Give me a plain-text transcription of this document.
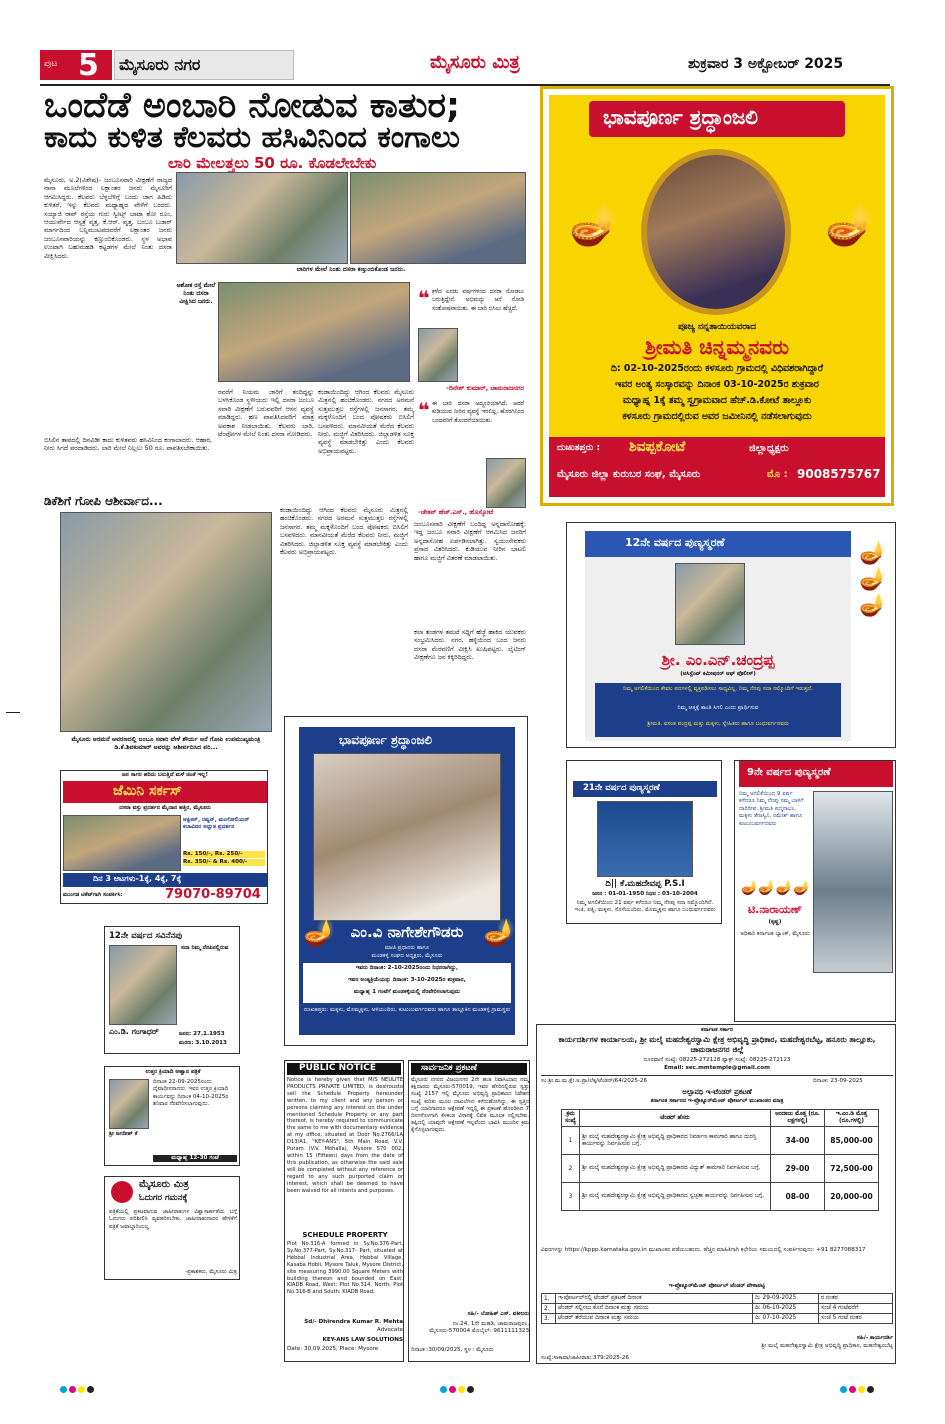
ಪುಟ 5 ಮೈಸೂರು ನಗರ	ಮೈಸೂರು ಮಿತ್ರ	ಶುಕ್ರವಾರ 3 ಅಕ್ಟೋಬರ್ 2025
ಒಂದೆಡೆ ಅಂಬಾರಿ ನೋಡುವ ಕಾತುರ;
ಕಾದು ಕುಳಿತ ಕೆಲವರು ಹಸಿವಿನಿಂದ ಕಂಗಾಲು
ಲಾರಿ ಮೇಲತ್ತಲು 50 ರೂ. ಕೊಡಲೇಬೇಕು
ಮೈಸೂರು, ಅ.2(ವಿಶೇಷ)- ಜಂಬೂಸವಾರಿ ವೀಕ್ಷಣೆಗೆ ರಾಜ್ಯದ ನಾನಾ ಮೂಲೆಗಳಿಂದ ಲಕ್ಷಾಂತರ ಜನರು ಮೈಸೂರಿಗೆ ಆಗಮಿಸಿದ್ದರು. ಕೆಲವರು ಬೆಳ್ಳಬೆಳಿಗ್ಗೆ ಬಂದು ಜಾಗ ಹಿಡಿದು ಕುಳಿತರೆ, ಇನ್ನು ಕೆಲವರು ಮಧ್ಯಾಹ್ನದ ವೇಳೆಗೆ ಬಂದರು. ಸಯ್ಯಾಜಿ ರಾವ್ ರಸ್ತೆಯ ಗುರು ಸ್ವೀಟ್ಸ್ ಬಾಟಾ ಶೋ ರೂಂ, ಆಯುರ್ವೇದ ಆಸ್ಪತ್ರೆ ವೃತ್ತ, ಕೆ.ಆರ್. ವೃತ್ತ, ಬಂಬೂ ಬಜಾರ್ ಮಾರ್ಗದಿಂದ ಬನ್ನಿಮಂಟಪದವರೆಗೆ ಲಕ್ಷಾಂತರ ಜನರು ಜಂಬೂಸವಾರಿಯನ್ನು ಕಣ್ತುಂಬಿಕೊಂಡರು. ಸ್ಥಳ ಅಭಾವ ಉಂಟಾಗಿ ಬಹುಮಹಡಿ ಕಟ್ಟಡಗಳ ಮೇಲೆ ನಿಂತು ದಸರಾ ವೀಕ್ಷಿಸಿದರು.
ಬಿಸಿಲಿನ ತಾಪದಲ್ಲಿ ದಿನವಿಡೀ ಕಾದು ಕುಳಿತವರು ಹಸಿವಿನಿಂದ ಕಂಗಾಲಾದರು. ಆಹಾರ, ನೀರು ಸಿಗದೆ ಪರದಾಡಿದರು. ಲಾರಿ ಮೇಲೆ ನಿಲ್ಲಲು 50 ರೂ. ಪಾವತಿಸಬೇಕಾಯಿತು.
ಲಾರಿಗಳ ಮೇಲೆ ನಿಂತು ದಸರಾ ಕಣ್ತುಂಬಿಕೊಂಡ ಜನರು.
ಅಶೋಕ ರಸ್ತೆ ಮೇಲೆ ನಿಂತು ದಸರಾ ವೀಕ್ಷಿಸಿದ ಜನರು.
ರವರೆಗೆ ನಿಯಮ ಜಾರಿಗೆ ತಂದಿದ್ದನ್ನು ಬಳಸಿಕೊಂಡ ಸ್ಥಳೀಯರು ಇಲ್ಲಿ ದಸರಾ ಜಂಬೂ ಸವಾರಿ ವೀಕ್ಷಣೆಗೆ ಬರುವವರಿಗೆ ಆಸನ ವ್ಯವಸ್ಥೆ ಮಾಡಿದ್ದರು. ಹಣ ಪಾವತಿಸಿದವರಿಗೆ ಮಾತ್ರ ಅವಕಾಶ ನೀಡಲಾಯಿತು. ಕೆಲವರು ಲಾರಿ, ಟೆಂಪೋಗಳ ಮೇಲೆ ನಿಂತು ದಸರಾ ನೋಡಿದರು.
ಕಂಡಾಯಿಂದಿದ್ದು ಆಗಿಂದ ಕೆಲವರು ಮೈಸೂರು ಮಿತ್ರನಲ್ಲಿ ಹಂಚಿಕೊಂಡರು. ನಗರದ ಅರಮನೆ ಸುತ್ತಮುತ್ತಲ ರಸ್ತೆಗಳಲ್ಲಿ ಜನಸಾಗರ. ತಮ್ಮ ಮಕ್ಕಳೊಂದಿಗೆ ಬಂದ ಪೋಷಕರು ಬಿಸಿಲಿಗೆ ಬಸವಳಿದರು. ಮಾನವೀಯತೆ ಮೆರೆದ ಕೆಲವರು ನೀರು, ಮಜ್ಜಿಗೆ ವಿತರಿಸಿದರು. ಜಿಲ್ಲಾಡಳಿತ ಸೂಕ್ತ ವ್ಯವಸ್ಥೆ ಮಾಡಬೇಕಿತ್ತು ಎಂದು ಕೆಲವರು ಅಭಿಪ್ರಾಯಪಟ್ಟರು.
❝ ಕಳೆದ ಎರಡು ವರ್ಷಗಳಿಂದ ದಸರಾ ನೋಡಲು ಬರುತ್ತಿದ್ದೇನೆ. ಅಭಿಮನ್ಯು ಆನೆ ನೋಡಿ ಸಂತೋಷವಾಯಿತು. ಈ ಬಾರಿ ಬಿಸಿಲು ಹೆಚ್ಚಿದೆ.
-ದಿನೇಶ್ ಕುಮಾರ್, ಚಾಮರಾಜನಗರ
❝ ಈ ಬಾರಿ ದಸರಾ ಅದ್ಧೂರಿಯಾಗಿದೆ. ಆದರೆ ಕುಡಿಯುವ ನೀರಿನ ವ್ಯವಸ್ಥೆ ಇರಲಿಲ್ಲ. ಹೊರಗಿನಿಂದ ಬಂದವರಿಗೆ ತೊಂದರೆಯಾಯಿತು.
-ಚೇತನ್ ಹೆಚ್.ಎಸ್., ಹೊಸ್ಕೋಟೆ
ಡಿಕೆಶಿಗೆ ಗೋಪಿ ಆಶೀರ್ವಾದ...
ಮೈಸೂರು ಅರಮನೆ ಆವರಣದಲ್ಲಿ ಜಂಬೂ ಸವಾರಿ ವೇಳೆ ಶೌರ್ಯ ಆನೆ ಗೋಪಿ ಉಪಮುಖ್ಯಮಂತ್ರಿ ಡಿ.ಕೆ.ಶಿವಕುಮಾರ್ ಅವರನ್ನು ಆಶೀರ್ವದಿಸಿದ ಪರಿ...
ಕಂಡಾಯಿಂದಿದ್ದು ಆಗಿಂದ ಕೆಲವರು ಮೈಸೂರು ಮಿತ್ರನಲ್ಲಿ ಹಂಚಿಕೊಂಡರು. ನಗರದ ಅರಮನೆ ಸುತ್ತಮುತ್ತಲ ರಸ್ತೆಗಳಲ್ಲಿ ಜನಸಾಗರ. ತಮ್ಮ ಮಕ್ಕಳೊಂದಿಗೆ ಬಂದ ಪೋಷಕರು ಬಿಸಿಲಿಗೆ ಬಸವಳಿದರು. ಮಾನವೀಯತೆ ಮೆರೆದ ಕೆಲವರು ನೀರು, ಮಜ್ಜಿಗೆ ವಿತರಿಸಿದರು. ಜಿಲ್ಲಾಡಳಿತ ಸೂಕ್ತ ವ್ಯವಸ್ಥೆ ಮಾಡಬೇಕಿತ್ತು ಎಂದು ಕೆಲವರು ಅಭಿಪ್ರಾಯಪಟ್ಟರು.
ಜಂಬೂಸವಾರಿ ವೀಕ್ಷಣೆಗೆ ಬಂದಿದ್ದ ಅನ್ನದಾಸೋಹಕ್ಕೆ: ಇದ್ದ ಜಂಬೂ ಸವಾರಿ ವೀಕ್ಷಣೆಗೆ ಆಗಮಿಸಿದ ಜನರಿಗೆ ಅನ್ನದಾಸೋಹ ಏರ್ಪಡಿಸಲಾಗಿತ್ತು. ಸ್ವಯಂಸೇವಕರು ಪ್ರಸಾದ ವಿತರಿಸಿದರು. ಕುಡಿಯುವ ನೀರಿನ ಬಾಟಲಿ ಹಾಗೂ ಮಜ್ಜಿಗೆ ವಿತರಣೆ ಮಾಡಲಾಯಿತು.
ಕಲಾ ತಂಡಗಳ ತಮಟೆ ಸದ್ದಿಗೆ ಹೆಜ್ಜೆ ಹಾಕಿದ ಯುವಕರು ಸಂಭ್ರಮಿಸಿದರು. ನಗರ, ಹಳ್ಳಿಯಿಂದ ಬಂದ ಜನರು ದಸರಾ ಮೆರವಣಿಗೆ ವೀಕ್ಷಿಸಿ ಖುಷಿಪಟ್ಟರು. ಲೈಟಿಂಗ್ ವೀಕ್ಷಣೆಗೂ ಜನ ಕಿಕ್ಕಿರಿದಿದ್ದರು.
ಭಾವಪೂರ್ಣ ಶ್ರದ್ಧಾಂಜಲಿ
🪔	🪔
ಪೂಜ್ಯ ನನ್ನತಾಯಿಯವರಾದ
ಶ್ರೀಮತಿ ಚಿನ್ನಮ್ಮನವರು
ದಿ: 02-10-2025ರಂದು ಕಳಸೂರು ಗ್ರಾಮದಲ್ಲಿ ವಿಧಿವಶರಾಗಿದ್ದಾರೆ
ಇವರ ಅಂತ್ಯ ಸಂಸ್ಕಾರವನ್ನು ದಿನಾಂಕ 03-10-2025ರ ಶುಕ್ರವಾರ
ಮಧ್ಯಾಹ್ನ 1ಕ್ಕೆ ತಮ್ಮ ಸ್ವಗ್ರಾಮವಾದ ಹೆಚ್.ಡಿ.ಕೋಟೆ ತಾಲ್ಲೂಕು
ಕಳಸೂರು ಗ್ರಾಮದಲ್ಲಿರುವ ಅವರ ಜಮೀನಿನಲ್ಲಿ ನಡೆಸಲಾಗುವುದು
ದುಃಖತಪ್ತರು : ಶಿವಪ್ಪಕೋಟೆ	ಜಿಲ್ಲಾಧ್ಯಕ್ಷರು
ಮೈಸೂರು ಜಿಲ್ಲಾ ಕುರುಬರ ಸಂಘ, ಮೈಸೂರು	ಮೊ : 9008575767
12ನೇ ವರ್ಷದ ಪುಣ್ಯಸ್ಮರಣೆ
ಶ್ರೀ. ಎಂ.ಎನ್.ಚಂದ್ರಪ್ಪ
(ಅಸಿಸ್ಟೆಂಟ್ ಕಮೀಷನರ್ ಆಫ್ ಪೊಲೀಸ್)
ನಿಮ್ಮ ಅಗಲಿಕೆಯಿಂದ ಕೇವಲ ಪದಗಳಲ್ಲಿ ವ್ಯಕ್ತಪಡಿಸಲು ಸಾಧ್ಯವಿಲ್ಲ. ನಿಮ್ಮ ನೆನಪು ಸದಾ ನಮ್ಮೊಂದಿಗೆ ಇರುತ್ತದೆ.
ನಿಮ್ಮ ಆತ್ಮಕ್ಕೆ ಶಾಂತಿ ಸಿಗಲಿ ಎಂದು ಪ್ರಾರ್ಥಿಸುವ
ಶ್ರೀಮತಿ. ವಸಂತ ಪಂದ್ರಪ್ಪ ಮತ್ತು ಮಕ್ಕಳು, ಸ್ನೇಹಿತರು ಹಾಗೂ ಬಂಧುವರ್ಗದವರು
🪔
🪔
🪔
ಜನ ಸಾಗರ ಹರಿದು ಬರುತ್ತಿದೆ ಮಳೆ ಚಿಂತೆ ಇಲ್ಲ!
ಜೆಮಿನಿ ಸರ್ಕಸ್
ದಸರಾ ವಸ್ತು ಪ್ರದರ್ಶನ ಮೈದಾನ ಹತ್ತಿರ, ಮೈಸೂರು
ಆಫ್ರಿಕನ್, ರಷ್ಯನ್, ಮಂಗೋಲಿಯನ್ ಕಲಾವಿದರ ಅದ್ಭುತ ಪ್ರದರ್ಶನ
Rs. 150/-, Rs. 250/-
Rs. 350/- & Rs. 400/-
ದಿನ 3 ಆಟಗಳು-1ಕ್ಕೆ, 4ಕ್ಕೆ, 7ಕ್ಕೆ
ಮುಂಗಡ ಟಿಕೆಟ್‌ಗಾಗಿ ಸಂಪರ್ಕಿಸಿ:	79070-89704
ಭಾವಪೂರ್ಣ ಶ್ರದ್ಧಾಂಜಲಿ
ಎಂ.ವಿ ನಾಗೇಶೇಗೌಡರು
🪔	🪔
ಮಾಜಿ ಪ್ರಧಾನರು ಹಾಗೂ
ಮಂಡಕಳ್ಳಿ ಸಂಘದ ಅಧ್ಯಕ್ಷರು, ಮೈಸೂರು
ಇವರು ದಿನಾಂಕ: 2-10-2025ರಂದು ನಿಧನರಾಗಿದ್ದು,
ಇವರ ಅಂತ್ಯಕ್ರಿಯೆಯನ್ನು ದಿನಾಂಕ: 3-10-2025ರ ಶುಕ್ರವಾರ,
ಮಧ್ಯಾಹ್ನ 1 ಗಂಟೆಗೆ ಮಂಡಕಳ್ಳಿಯಲ್ಲಿ ನೆರವೇರಿಸಲಾಗುವುದು
ದುಃಖತಪ್ತರು: ಮಕ್ಕಳು, ಮೊಮ್ಮಕ್ಕಳು, ಅಳಿಯಂದಿರು, ಕುಟುಂಬವರ್ಗದವರು ಹಾಗೂ ತಾಲ್ಲೂಕಿನ ಮಂಡಕಳ್ಳಿ ಗ್ರಾಮಸ್ಥರು
21ನೇ ವರ್ಷದ ಪುಣ್ಯಸ್ಮರಣೆ
ದಿ|| ಕೆ.ಮಹದೇವಪ್ಪ P.S.I
ಜನನ : 01-01-1950 ನಿಧನ : 03-10-2004
ನಿಮ್ಮ ಅಗಲಿಕೆಯಿಂದ 21 ವರ್ಷ ಕಳೆದರೂ ನಿಮ್ಮ ನೆನಪು ಸದಾ ನಮ್ಮೊಂದಿಗಿದೆ. ಇಂತಿ, ಪತ್ನಿ, ಮಕ್ಕಳು, ಸೊಸೆಯಂದಿರು, ಮೊಮ್ಮಕ್ಕಳು ಹಾಗೂ ಬಂಧುವರ್ಗದವರು
9ನೇ ವರ್ಷದ ಪುಣ್ಯಸ್ಮರಣೆ
ನಿಮ್ಮ ಅಗಲಿಕೆಯಿಂದ 9 ವರ್ಷ ಕಳೆದರೂ ನಿಮ್ಮ ನೆನಪು ನಮ್ಮ ಬಾಳಿಗೆ ದಾರಿದೀಪ. ಶ್ರೀಮತಿ ಪದ್ಮನಾಭಂ, ಮಕ್ಕಳು ತೇಜಸ್ವಿನಿ, ರಮೇಶ್ ಹಾಗೂ ಕುಟುಂಬವರ್ಗದವರು
🪔🪔🪔🪔
ಟಿ.ನಾರಾಯಣ್
(ಕೃಷ್ಣ)
ಅಧಿಕಾರಿ ಕರ್ನಾಟಕ ಬ್ಯಾಂಕ್, ಮೈಸೂರು
12ನೇ ವರ್ಷದ ಸವಿನೆನಪು
ಸದಾ ನಿಮ್ಮ ನೆನಪಿನಲ್ಲಿರುವ
ಎಂ.ಡಿ. ಗಂಗಾಧರ್	ಜನನ: 27.1.1953
ಮರಣ: 3.10.2013
ಉತ್ತರ ಕ್ರಿಯಾದಿ ಆಹ್ವಾನ ಪತ್ರಿಕೆ
ದಿನಾಂಕ 22-09-2025ರಂದು ದೈವಾಧೀನರಾದರು. ಇವರ ಉತ್ತರ ಕ್ರಿಯಾದಿ ಕಾರ್ಯವನ್ನು ದಿನಾಂಕ 04-10-2025ರ ಶನಿವಾರ ನೆರವೇರಿಸಲಾಗುವುದು.
ಶ್ರೀ ಜಗದೀಶ್ ಕೆ
ಮಧ್ಯಾಹ್ನ 12-30 ಗಂಟೆ
ಮೈಸೂರು ಮಿತ್ರ
ಓದುಗರ ಗಮನಕ್ಕೆ
ಪತ್ರಿಕೆಯಲ್ಲಿ ಪ್ರಕಟವಾಗುವ ಜಾಹೀರಾತುಗಳ ವಿಶ್ವಾಸಾರ್ಹತೆಯ ಬಗ್ಗೆ ಓದುಗರು ಪರಿಶೀಲಿಸಿ ವ್ಯವಹರಿಸಬೇಕು. ಜಾಹೀರಾತುದಾರರ ಹೇಳಿಕೆಗೆ ಪತ್ರಿಕೆ ಜವಾಬ್ದಾರಿಯಲ್ಲ.
-ಪ್ರಕಾಶಕರು, ಮೈಸೂರು ಮಿತ್ರ
PUBLIC NOTICE
Notice is hereby given that M/S NEULITE PRODUCTS PRIVATE LIMITED, is desirousto sell the Schedule Property hereunder written, to my client and any person or persons claiming any interest on the under mentioned Schedule Property or any part thereof, is hereby required to communicate the same to me with documentary evidence at my office, situated at Door No.2766/1A D13/A1, "KEY-ANS", 5th Main Road, V.V. Puram (V.V. Mohalla), Mysore 570 002, within 15 (Fifteen) days from the date of this publication, as otherwise the said sale will be completed without any reference or regard to any such purported claim or interest, which shall be deemed to have been waived for all intents and purposes.
SCHEDULE PROPERTY
Plot No.316-A formed in Sy.No.376-Part, Sy.No.377-Part, Sy.No.317- Part, situated at Hebbal Industrial Area, Hebbal Village, Kasaba Hobli, Mysore Taluk, Mysore District, site measuring 3990.00 Square Meters with building thereon and bounded on East: KIADB Road, West: Plot No.314, North: Plot No.316-B and South: KIADB Road.
Sd/- Dhirendra Kumar R. Mehta
Advocate
KEY-ANS LAW SOLUTIONS
Date: 30.09.2025, Place: Mysore
ಸಾರ್ವಜನಿಕ ಪ್ರಕಟಣೆ
ಮೈಸೂರು ನಗರದ ವಿಜಯನಗರ 2ನೇ ಹಂತ ನಿವಾಸಿಯಾದ ನಮ್ಮ ಕಕ್ಷಿದಾರರು ಮೈಸೂರು-570019, ಇವರ ಹೆಸರಿನಲ್ಲಿರುವ ಸ್ವತ್ತು ಸಂಖ್ಯೆ 2157 ಇಲ್ಲಿ ಮೈಸೂರು ಅಭಿವೃದ್ಧಿ ಪ್ರಾಧಿಕಾರದ ನಿವೇಶನ ಸಂಖ್ಯೆ ಕುರಿತು ಮೂಲ ದಾಖಲೆಗಳು ಕಳೆದುಹೋಗಿದ್ದು, ಈ ಸ್ವತ್ತಿನ ಬಗ್ಗೆ ಯಾರಿಗಾದರೂ ಆಕ್ಷೇಪಣೆ ಇದ್ದಲ್ಲಿ ಈ ಪ್ರಕಟಣೆ ಹೊರಡಿಸಿದ 7 ದಿನಗಳೊಳಗಾಗಿ ಕೆಳಕಂಡ ವಿಳಾಸಕ್ಕೆ ಲಿಖಿತ ಮೂಲಕ ಸಲ್ಲಿಸಬೇಕು. ತಪ್ಪಿದಲ್ಲಿ ಯಾವುದೇ ಆಕ್ಷೇಪಣೆ ಇಲ್ಲವೆಂದು ಭಾವಿಸಿ ಮುಂದಿನ ಕ್ರಮ ಕೈಗೊಳ್ಳಲಾಗುವುದು.
ಸಹಿ/- ಲೋಹಿತ್ ಎಸ್. ವಕೀಲರು
ನಂ.24, 1ನೇ ಮಹಡಿ, ಚಾಮರಾಜಪುರಂ, ಮೈಸೂರು-570004 ಮೊಬೈಲ್: 9611111323
ದಿನಾಂಕ :30/09/2025, ಸ್ಥಳ : ಮೈಸೂರು
ಕರ್ನಾಟಕ ಸರ್ಕಾರ
ಕಾರ್ಯದರ್ಶಿಗಳ ಕಾರ್ಯಾಲಯ, ಶ್ರೀ ಮಲೈ ಮಹದೇಶ್ವರಸ್ವಾಮಿ ಕ್ಷೇತ್ರ ಅಭಿವೃದ್ಧಿ ಪ್ರಾಧಿಕಾರ, ಮಹದೇಶ್ವರಬೆಟ್ಟ, ಹನೂರು ತಾಲ್ಲೂಕು, ಚಾಮರಾಜನಗರ ಜಿಲ್ಲೆ
ದೂರವಾಣಿ ಸಂಖ್ಯೆ: 08225-272128 ಫ್ಯಾಕ್ಸ್ ಸಂಖ್ಯೆ: 08225-272123
Email: sec.mmtemple@gmail.com
ಸಂ.ಶ್ರೀ.ಮ.ಮ.ಕ್ಷೇ.ಅ.ಪ್ರಾ/ಲೆಕ್ಕ/ಟೆಂಡರ್/64/2025-26	ದಿನಾಂಕ: 23-09-2025
ಅಲ್ಪಾವಧಿ ಇ-ಟೆಂಡರ್ ಪ್ರಕಟಣೆ
ಕರ್ನಾಟಕ ಸರ್ಕಾರದ ಇ-ಪ್ರೊಕ್ಯೂರ್‌ಮೆಂಟ್ ಪೋರ್ಟಲ್ ಮುಖಾಂತರ ಮಾತ್ರ
ಕ್ರಮ ಸಂಖ್ಯೆ	ಟೆಂಡರ್ ಹೆಸರು	ಅಂದಾಜು ಮೊತ್ತ (ರೂ. ಲಕ್ಷಗಳಲ್ಲಿ)	ಇ.ಎಂ.ಡಿ ಮೊತ್ತ (ರೂ.ಗಳಲ್ಲಿ)
1	ಶ್ರೀ ಮಲೈ ಮಹದೇಶ್ವರಸ್ವಾಮಿ ಕ್ಷೇತ್ರ ಅಭಿವೃದ್ಧಿ ಪ್ರಾಧಿಕಾರದ ನಿರ್ಮಾಣ ಕಾಮಗಾರಿ ಹಾಗೂ ದುರಸ್ತಿ ಕಾರ್ಯವನ್ನು ನಿರ್ವಹಿಸುವ ಬಗ್ಗೆ.	34-00	85,000-00
2	ಶ್ರೀ ಮಲೈ ಮಹದೇಶ್ವರಸ್ವಾಮಿ ಕ್ಷೇತ್ರ ಅಭಿವೃದ್ಧಿ ಪ್ರಾಧಿಕಾರದ ವಿದ್ಯುತ್ ಕಾಮಗಾರಿ ನಿರ್ವಹಿಸುವ ಬಗ್ಗೆ.	29-00	72,500-00
3	ಶ್ರೀ ಮಲೈ ಮಹದೇಶ್ವರಸ್ವಾಮಿ ಕ್ಷೇತ್ರ ಅಭಿವೃದ್ಧಿ ಪ್ರಾಧಿಕಾರದ ಸ್ವಚ್ಛತಾ ಕಾರ್ಯವನ್ನು ನಿರ್ವಹಿಸುವ ಬಗ್ಗೆ.	08-00	20,000-00
ವಿವರಗಳನ್ನು https://kppp.karnataka.gov.in ಮುಖಾಂತರ ಪಡೆಯಬಹುದು. ಹೆಚ್ಚಿನ ಮಾಹಿತಿಗಾಗಿ ಕಛೇರಿಯ ಸಮಯದಲ್ಲಿ ಸಂಪರ್ಕಿಸುವುದು: +91 8277088317
ಇ-ಪ್ರೊಕ್ಯೂರ್‌ಮೆಂಟ್ ಪೋರ್ಟಲ್ ಟೆಂಡರ್ ವೇಳಾಪಟ್ಟಿ
1.	ಇ-ಪೋರ್ಟಲ್‌ನಲ್ಲಿ ಟೆಂಡರ್ ಪ್ರಕಟಣೆ ದಿನಾಂಕ	ದಿ: 29-09-2025	ರ ನಂತರ
2.	ಟೆಂಡರ್ ಸಲ್ಲಿಸಲು ಕೊನೆ ದಿನಾಂಕ ಮತ್ತು ಸಮಯ	ದಿ: 06-10-2025	ಸಂಜೆ 4 ಗಂಟೆವರೆಗೆ
3.	ಟೆಂಡರ್ ತೆರೆಯುವ ದಿನಾಂಕ ಮತ್ತು ಸಮಯ	ದಿ: 07-10-2025	ಸಂಜೆ 5 ಗಂಟೆ ನಂತರ
ಸಹಿ/- ಕಾರ್ಯದರ್ಶಿ
ಶ್ರೀ ಮಲೈ ಮಹದೇಶ್ವರಸ್ವಾಮಿ ಕ್ಷೇತ್ರ ಅಭಿವೃದ್ಧಿ ಪ್ರಾಧಿಕಾರ, ಮಹದೇಶ್ವರಬೆಟ್ಟ
ಸಂಖ್ಯೆ:ಸಾಕಾವಾ/ಜಾಹೀರಾತು:379:2025-26
